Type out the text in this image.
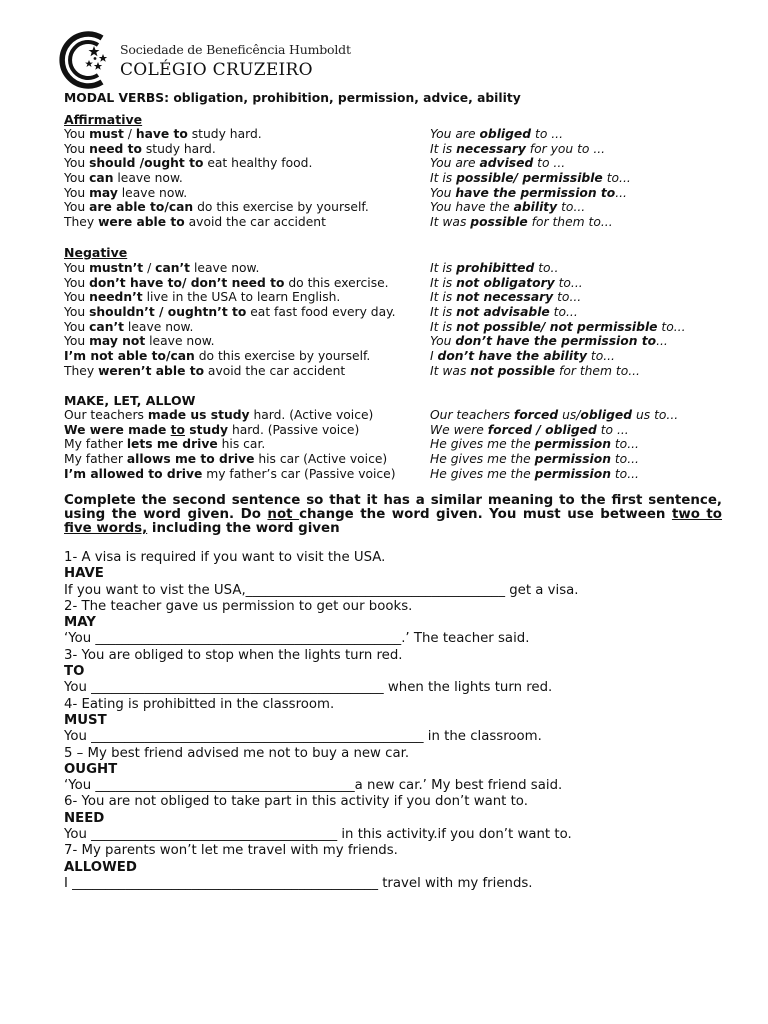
Sociedade de Beneficência Humboldt
COLÉGIO CRUZEIRO
MODAL VERBS: obligation, prohibition, permission, advice, ability
Affirmative
You must / have to study hard.	You are obliged to ...
You need to study hard.	It is necessary for you to ...
You should /ought to eat healthy food.	You are advised to ...
You can leave now.	It is possible/ permissible to...
You may leave now.	You have the permission to...
You are able to/can do this exercise by yourself.	You have the ability to...
They were able to avoid the car accident	It was possible for them to...
Negative
You mustn’t / can’t leave now.	It is prohibitted to..
You don’t have to/ don’t need to do this exercise.	It is not obligatory to...
You needn’t live in the USA to learn English.	It is not necessary to...
You shouldn’t / oughtn’t to eat fast food every day.	It is not advisable to...
You can’t leave now.	It is not possible/ not permissible to...
You may not leave now.	You don’t have the permission to...
I’m not able to/can do this exercise by yourself.	I don’t have the ability to...
They weren’t able to avoid the car accident	It was not possible for them to...
MAKE, LET, ALLOW
Our teachers made us study hard. (Active voice)	Our teachers forced us/obliged us to...
We were made to study hard. (Passive voice)	We were forced / obliged to ...
My father lets me drive his car.	He gives me the permission to...
My father allows me to drive his car (Active voice)	He gives me the permission to...
I’m allowed to drive my father’s car (Passive voice)	He gives me the permission to...
Complete the second sentence so that it has a similar meaning to the first sentence, using the word given. Do not change the word given. You must use between two to five words, including the word given
1- A visa is required if you want to visit the USA.
HAVE
If you want to vist the USA,_______________________________________ get a visa.
2- The teacher gave us permission to get our books.
MAY
‘You ______________________________________________.’ The teacher said.
3- You are obliged to stop when the lights turn red.
TO
You ____________________________________________ when the lights turn red.
4- Eating is prohibitted in the classroom.
MUST
You __________________________________________________ in the classroom.
5 – My best friend advised me not to buy a new car.
OUGHT
‘You _______________________________________a new car.’ My best friend said.
6- You are not obliged to take part in this activity if you don’t want to.
NEED
You _____________________________________ in this activity.if you don’t want to.
7- My parents won’t let me travel with my friends.
ALLOWED
I ______________________________________________ travel with my friends.
